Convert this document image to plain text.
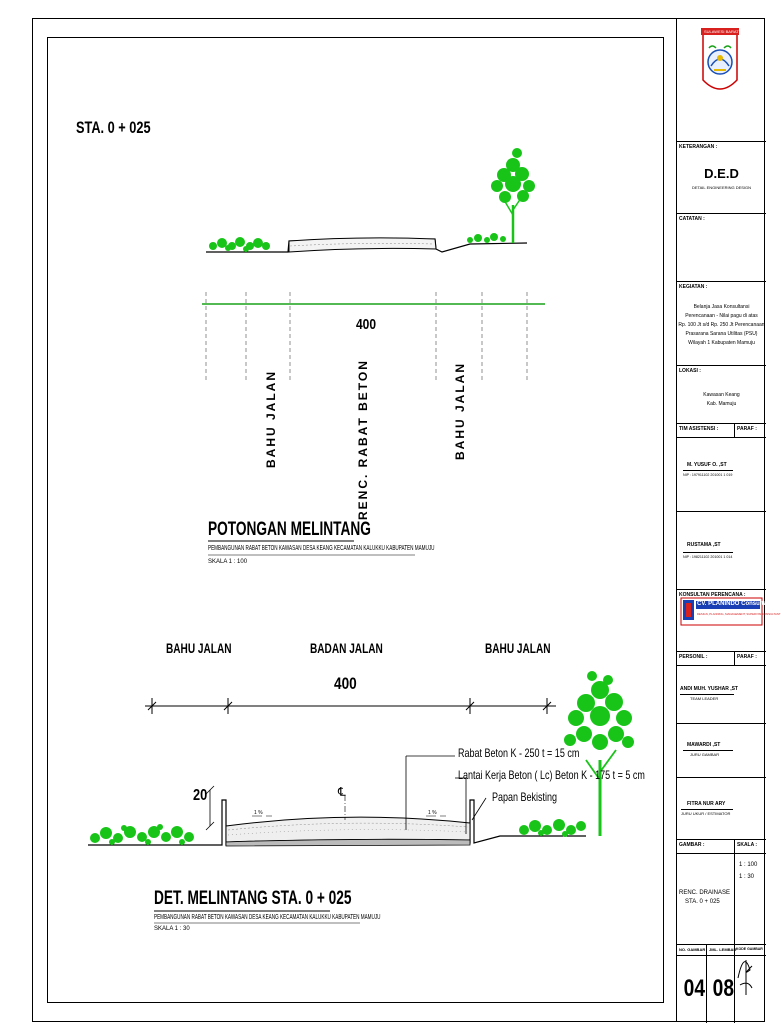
STA. 0 + 025
400
BAHU JALAN	RENC. RABAT BETON	BAHU JALAN
POTONGAN MELINTANG
PEMBANGUNAN RABAT BETON KAWASAN DESA KEANG KECAMATAN KALUKKU KABUPATEN MAMUJU
SKALA 1 : 100
BAHU JALAN	BADAN JALAN	BAHU JALAN
400
20	℄
Rabat Beton K - 250 t = 15 cm
Lantai Kerja Beton ( Lc) Beton K - 175 t = 5 cm
Papan Bekisting
1 %	1 %
DET. MELINTANG STA. 0 + 025
PEMBANGUNAN RABAT BETON KAWASAN DESA KEANG KECAMATAN KALUKKU KABUPATEN MAMUJU
SKALA 1 : 30
SULAWESI BARAT
KETERANGAN :
D.E.D
DETAIL ENGINEERING DESIGN
CATATAN :
KEGIATAN :
Belanja Jasa Konsultansi
Perencanaan - Nilai pagu di atas
Rp. 100 Jt s/d Rp. 250 Jt Perencanaan
Prasarana Sarana Utilitas (PSU)
Wilayah 1 Kabupaten Mamuju
LOKASI :
Kawasan Keang
Kab. Mamuju
TIM ASISTENSI :	PARAF :
M. YUSUF O. ,ST
NIP : 197911102 201001 1 019
RUSTAMA ,ST
NIP : 198211102 201001 1 014
KONSULTAN PERENCANA :
CV. PLANINDO Consultant
DESIGN, PLANNING, MANAGEMENT, SUPERVISI CONSULTANT
PERSONIL :	PARAF :
ANDI MUH. YUSHAR ,ST
TEAM LEADER
MAWARDI ,ST
JURU GAMBAR
FITRA NUR ARY
JURU UKUR / ESTIMATOR
GAMBAR :	SKALA :
RENC. DRAINASE
STA. 0 + 025
1 : 100
1 : 30
NO. GAMBAR JML. LEMBAR KODE GAMBAR
04 08
